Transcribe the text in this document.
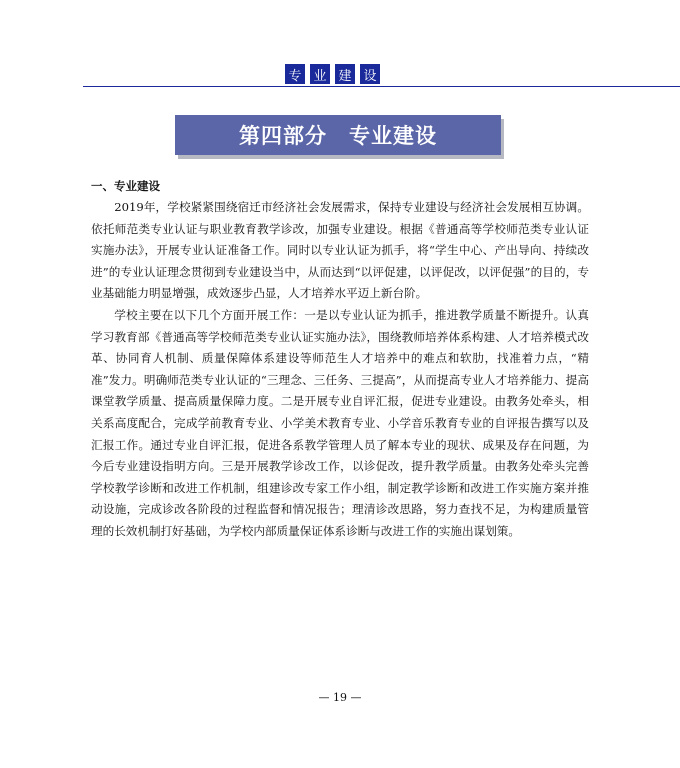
专 业 建 设
第四部分　专业建设

一、专业建设

2019年，学校紧紧围绕宿迁市经济社会发展需求，保持专业建设与经济社会发展相互协调。依托师范类专业认证与职业教育教学诊改，加强专业建设。根据《普通高等学校师范类专业认证实施办法》，开展专业认证准备工作。同时以专业认证为抓手，将“学生中心、产出导向、持续改进”的专业认证理念贯彻到专业建设当中，从而达到“以评促建，以评促改，以评促强”的目的，专业基础能力明显增强，成效逐步凸显，人才培养水平迈上新台阶。

学校主要在以下几个方面开展工作：一是以专业认证为抓手，推进教学质量不断提升。认真学习教育部《普通高等学校师范类专业认证实施办法》，围绕教师培养体系构建、人才培养模式改革、协同育人机制、质量保障体系建设等师范生人才培养中的难点和软肋，找准着力点，“精准”发力。明确师范类专业认证的“三理念、三任务、三提高”，从而提高专业人才培养能力、提高课堂教学质量、提高质量保障力度。二是开展专业自评汇报，促进专业建设。由教务处牵头，相关系高度配合，完成学前教育专业、小学美术教育专业、小学音乐教育专业的自评报告撰写以及汇报工作。通过专业自评汇报，促进各系教学管理人员了解本专业的现状、成果及存在问题，为今后专业建设指明方向。三是开展教学诊改工作，以诊促改，提升教学质量。由教务处牵头完善学校教学诊断和改进工作机制，组建诊改专家工作小组，制定教学诊断和改进工作实施方案并推动设施，完成诊改各阶段的过程监督和情况报告；理清诊改思路，努力查找不足，为构建质量管理的长效机制打好基础，为学校内部质量保证体系诊断与改进工作的实施出谋划策。

— 19 —
